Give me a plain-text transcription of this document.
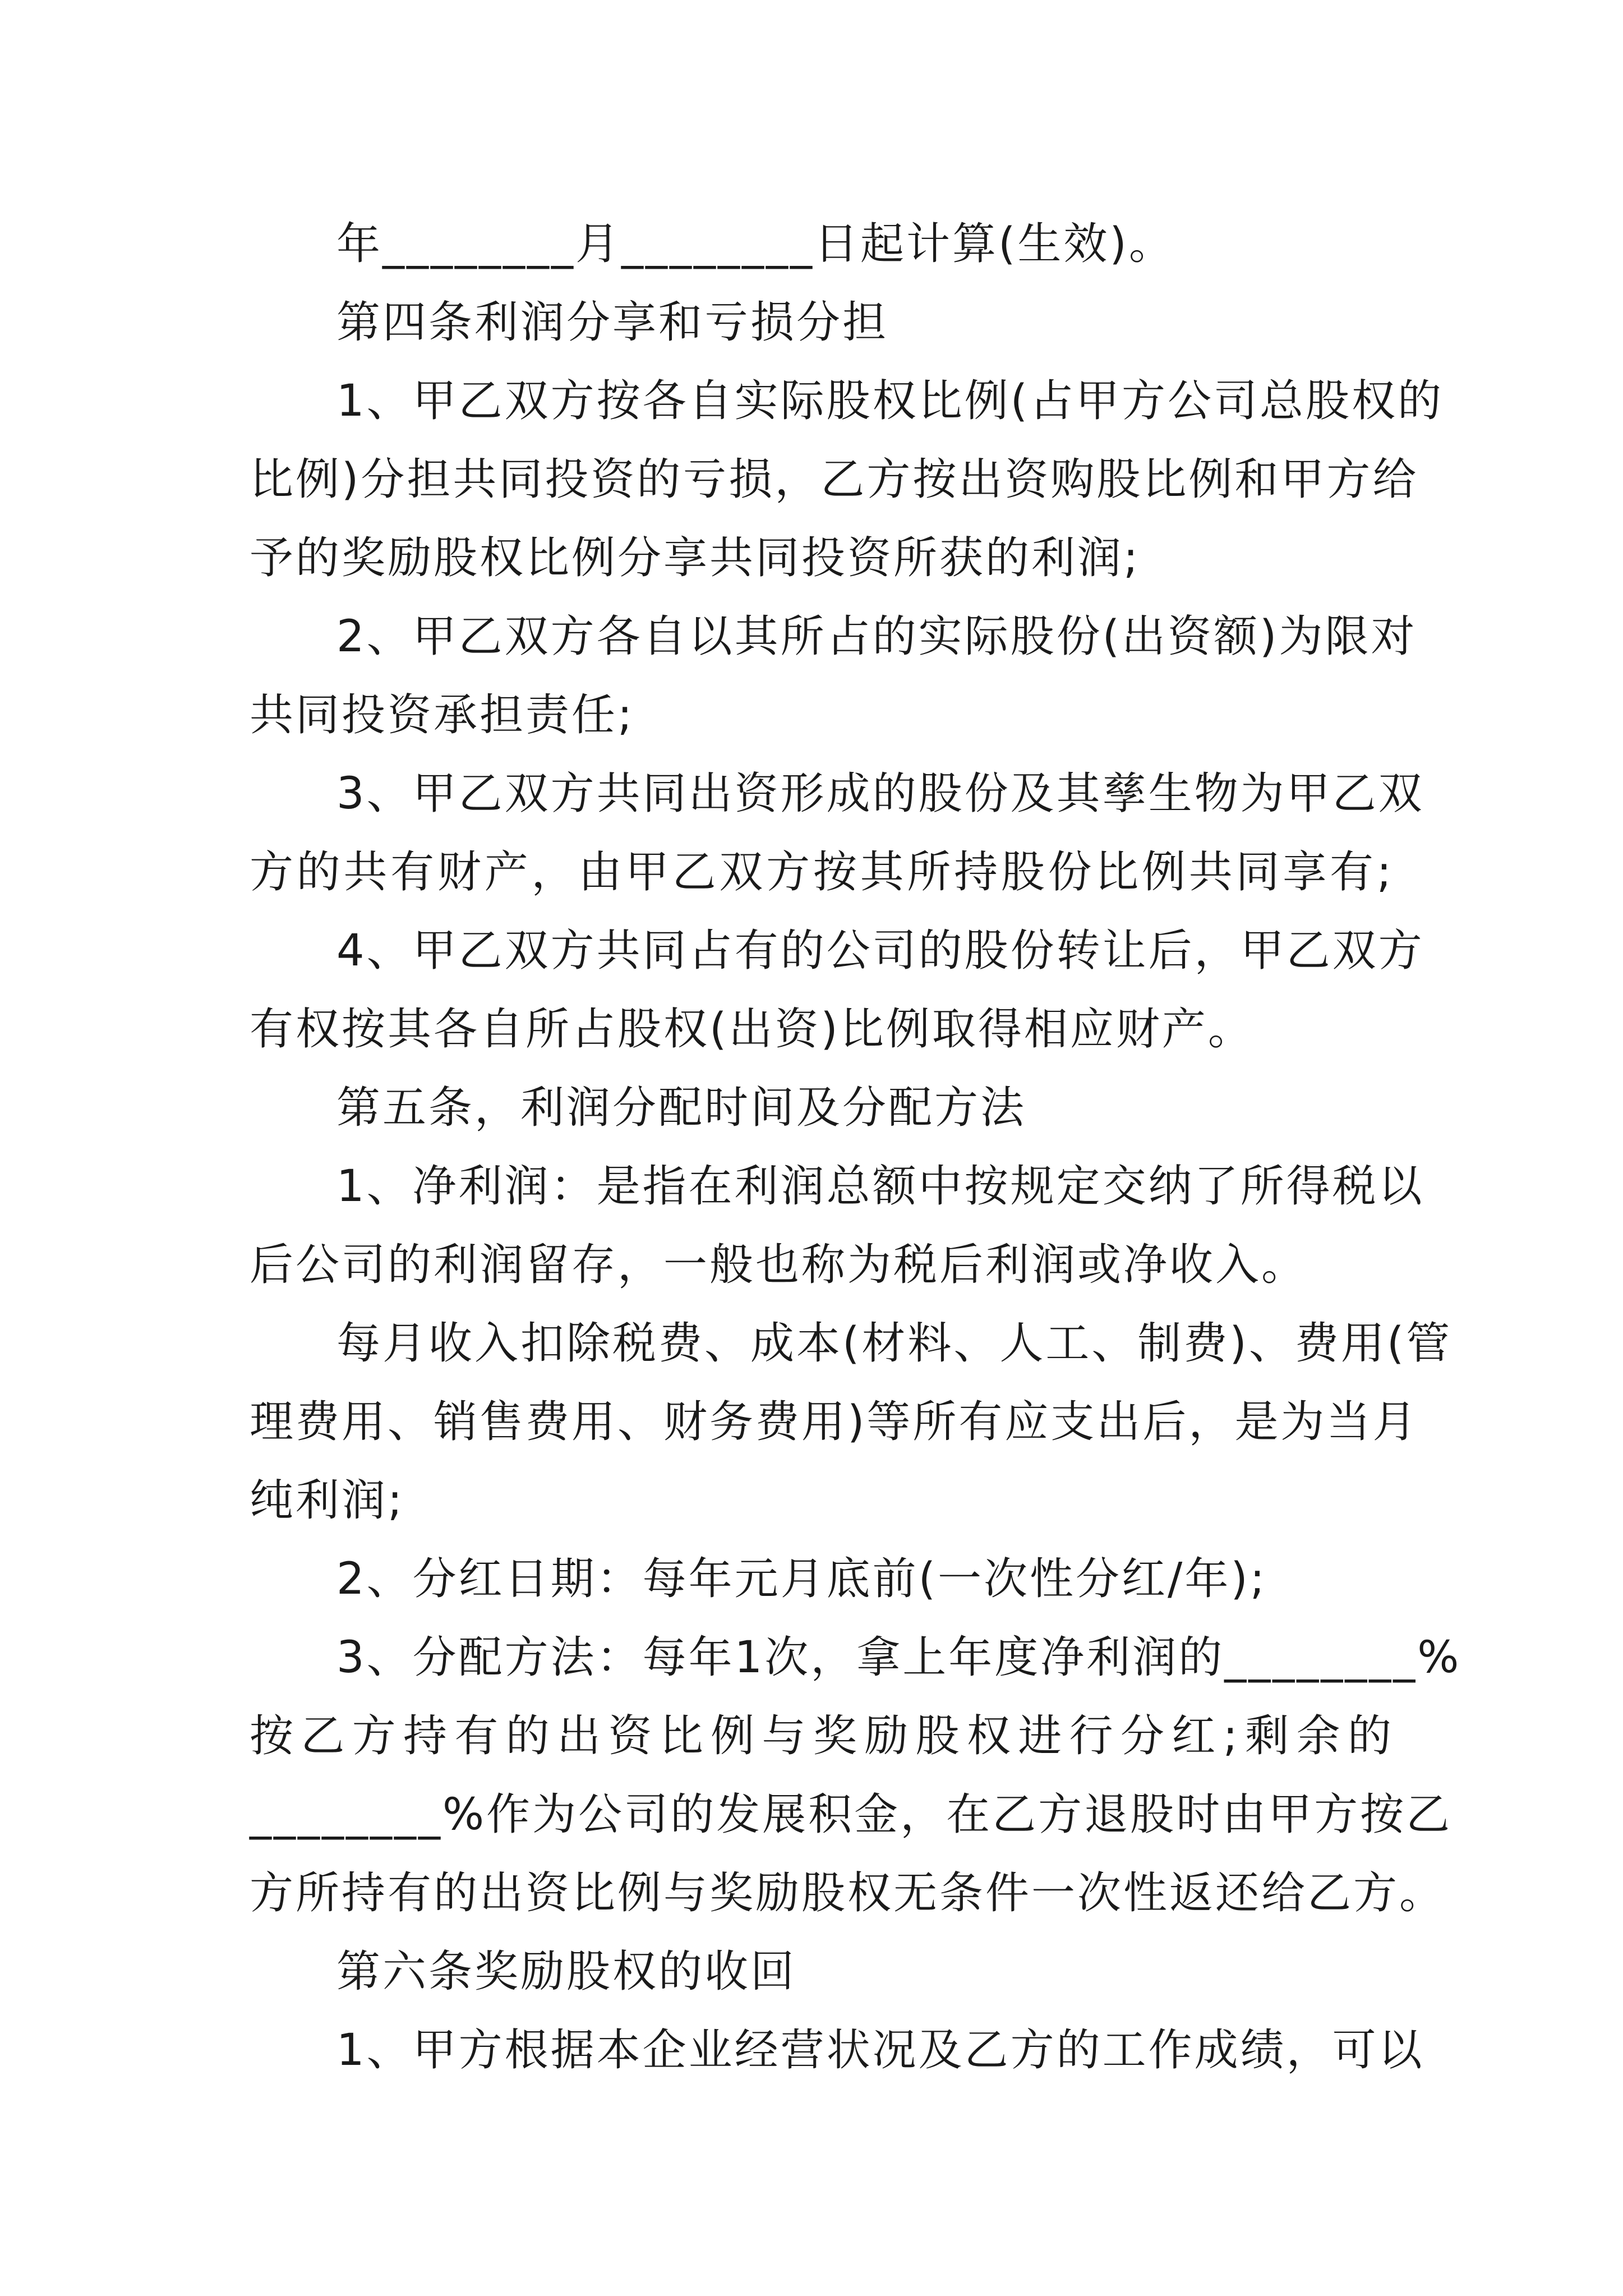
年________月________日起计算(生效)。
第四条利润分享和亏损分担
1、甲乙双方按各自实际股权比例(占甲方公司总股权的
比例)分担共同投资的亏损，乙方按出资购股比例和甲方给
予的奖励股权比例分享共同投资所获的利润;
2、甲乙双方各自以其所占的实际股份(出资额)为限对
共同投资承担责任;
3、甲乙双方共同出资形成的股份及其孳生物为甲乙双
方的共有财产，由甲乙双方按其所持股份比例共同享有;
4、甲乙双方共同占有的公司的股份转让后，甲乙双方
有权按其各自所占股权(出资)比例取得相应财产。
第五条，利润分配时间及分配方法
1、净利润：是指在利润总额中按规定交纳了所得税以
后公司的利润留存，一般也称为税后利润或净收入。
每月收入扣除税费、成本(材料、人工、制费)、费用(管
理费用、销售费用、财务费用)等所有应支出后，是为当月
纯利润;
2、分红日期：每年元月底前(一次性分红/年);
3、分配方法：每年1次，拿上年度净利润的________%
按乙方持有的出资比例与奖励股权进行分红;剩余的
________%作为公司的发展积金，在乙方退股时由甲方按乙
方所持有的出资比例与奖励股权无条件一次性返还给乙方。
第六条奖励股权的收回
1、甲方根据本企业经营状况及乙方的工作成绩，可以
